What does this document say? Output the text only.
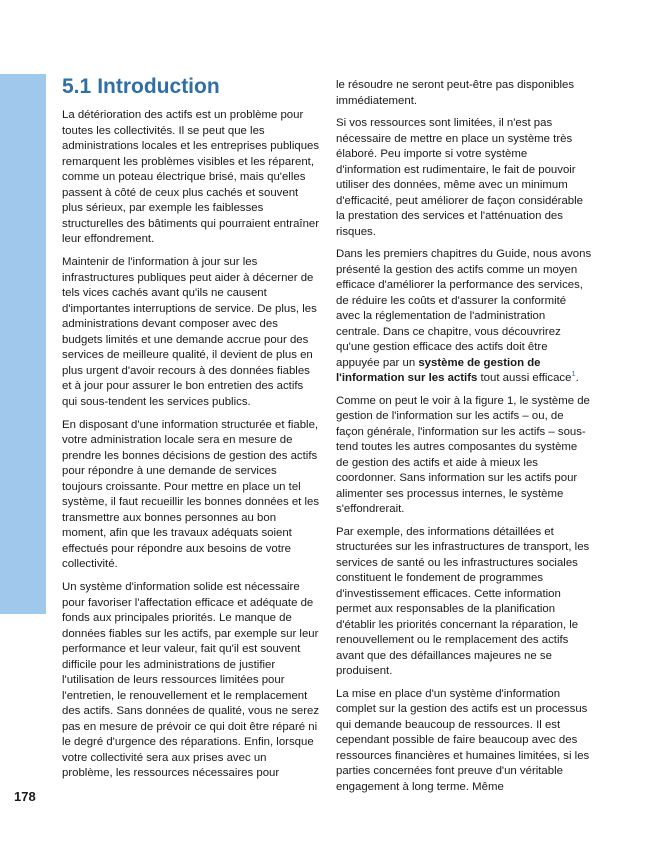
5.1 Introduction

La détérioration des actifs est un problème pour toutes les collectivités. Il se peut que les administrations locales et les entreprises publiques remarquent les problèmes visibles et les réparent, comme un poteau électrique brisé, mais qu'elles passent à côté de ceux plus cachés et souvent plus sérieux, par exemple les faiblesses structurelles des bâtiments qui pourraient entraîner leur effondrement.

Maintenir de l'information à jour sur les infrastructures publiques peut aider à décerner de tels vices cachés avant qu'ils ne causent d'importantes interruptions de service. De plus, les administrations devant composer avec des budgets limités et une demande accrue pour des services de meilleure qualité, il devient de plus en plus urgent d'avoir recours à des données fiables et à jour pour assurer le bon entretien des actifs qui sous-tendent les services publics.

En disposant d'une information structurée et fiable, votre administration locale sera en mesure de prendre les bonnes décisions de gestion des actifs pour répondre à une demande de services toujours croissante. Pour mettre en place un tel système, il faut recueillir les bonnes données et les transmettre aux bonnes personnes au bon moment, afin que les travaux adéquats soient effectués pour répondre aux besoins de votre collectivité.

Un système d'information solide est nécessaire pour favoriser l'affectation efficace et adéquate de fonds aux principales priorités. Le manque de données fiables sur les actifs, par exemple sur leur performance et leur valeur, fait qu'il est souvent difficile pour les administrations de justifier l'utilisation de leurs ressources limitées pour l'entretien, le renouvellement et le remplacement des actifs. Sans données de qualité, vous ne serez pas en mesure de prévoir ce qui doit être réparé ni le degré d'urgence des réparations. Enfin, lorsque votre collectivité sera aux prises avec un problème, les ressources nécessaires pour

le résoudre ne seront peut-être pas disponibles immédiatement.

Si vos ressources sont limitées, il n'est pas nécessaire de mettre en place un système très élaboré. Peu importe si votre système d'information est rudimentaire, le fait de pouvoir utiliser des données, même avec un minimum d'efficacité, peut améliorer de façon considérable la prestation des services et l'atténuation des risques.

Dans les premiers chapitres du Guide, nous avons présenté la gestion des actifs comme un moyen efficace d'améliorer la performance des services, de réduire les coûts et d'assurer la conformité avec la réglementation de l'administration centrale. Dans ce chapitre, vous découvrirez qu'une gestion efficace des actifs doit être appuyée par un système de gestion de l'information sur les actifs tout aussi efficace$^1$.

Comme on peut le voir à la figure 1, le système de gestion de l'information sur les actifs – ou, de façon générale, l'information sur les actifs – sous-tend toutes les autres composantes du système de gestion des actifs et aide à mieux les coordonner. Sans information sur les actifs pour alimenter ses processus internes, le système s'effondrerait.

Par exemple, des informations détaillées et structurées sur les infrastructures de transport, les services de santé ou les infrastructures sociales constituent le fondement de programmes d'investissement efficaces. Cette information permet aux responsables de la planification d'établir les priorités concernant la réparation, le renouvellement ou le remplacement des actifs avant que des défaillances majeures ne se produisent.

La mise en place d'un système d'information complet sur la gestion des actifs est un processus qui demande beaucoup de ressources. Il est cependant possible de faire beaucoup avec des ressources financières et humaines limitées, si les parties concernées font preuve d'un véritable engagement à long terme. Même

178
